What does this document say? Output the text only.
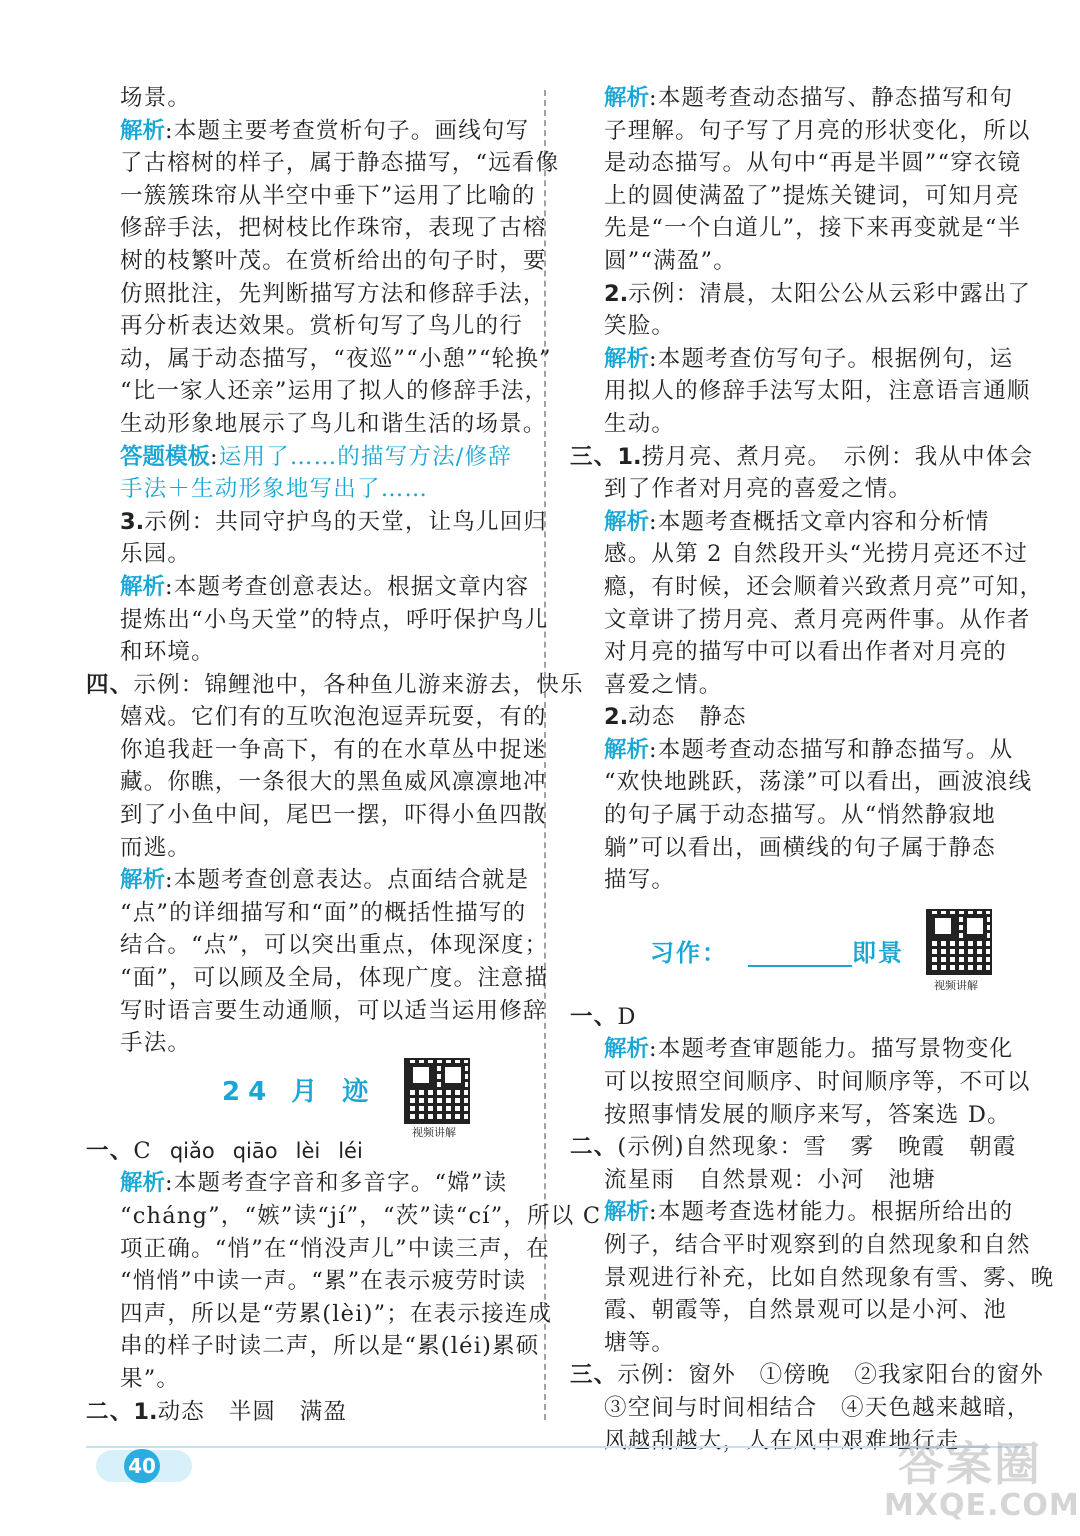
场景。
解析:本题主要考查赏析句子。画线句写
了古榕树的样子，属于静态描写，“远看像
一簇簇珠帘从半空中垂下”运用了比喻的
修辞手法，把树枝比作珠帘，表现了古榕
树的枝繁叶茂。在赏析给出的句子时，要
仿照批注，先判断描写方法和修辞手法，
再分析表达效果。赏析句写了鸟儿的行
动，属于动态描写，“夜巡”“小憩”“轮换”
“比一家人还亲”运用了拟人的修辞手法，
生动形象地展示了鸟儿和谐生活的场景。
答题模板:运用了……的描写方法/修辞
手法＋生动形象地写出了……
3.示例：共同守护鸟的天堂，让鸟儿回归
乐园。
解析:本题考查创意表达。根据文章内容
提炼出“小鸟天堂”的特点，呼吁保护鸟儿
和环境。
四、示例：锦鲤池中，各种鱼儿游来游去，快乐
嬉戏。它们有的互吹泡泡逗弄玩耍，有的
你追我赶一争高下，有的在水草丛中捉迷
藏。你瞧，一条很大的黑鱼威风凛凛地冲
到了小鱼中间，尾巴一摆，吓得小鱼四散
而逃。
解析:本题考查创意表达。点面结合就是
“点”的详细描写和“面”的概括性描写的
结合。“点”，可以突出重点，体现深度；
“面”，可以顾及全局，体现广度。注意描
写时语言要生动通顺，可以适当运用修辞
手法。
24 月 迹
视频讲解
一、C qiǎo qiāo lèi léi
解析:本题考查字音和多音字。“嫦”读
“cháng”，“嫉”读“jí”，“茨”读“cí”，所以 C
项正确。“悄”在“悄没声儿”中读三声，在
“悄悄”中读一声。“累”在表示疲劳时读
四声，所以是“劳累(lèi)”；在表示接连成
串的样子时读二声，所以是“累(léi)累硕
果”。
二、1.动态　半圆　满盈
解析:本题考查动态描写、静态描写和句
子理解。句子写了月亮的形状变化，所以
是动态描写。从句中“再是半圆”“穿衣镜
上的圆使满盈了”提炼关键词，可知月亮
先是“一个白道儿”，接下来再变就是“半
圆”“满盈”。
2.示例：清晨，太阳公公从云彩中露出了
笑脸。
解析:本题考查仿写句子。根据例句，运
用拟人的修辞手法写太阳，注意语言通顺
生动。
三、1.捞月亮、煮月亮。　示例：我从中体会
到了作者对月亮的喜爱之情。
解析:本题考查概括文章内容和分析情
感。从第 2 自然段开头“光捞月亮还不过
瘾，有时候，还会顺着兴致煮月亮”可知，
文章讲了捞月亮、煮月亮两件事。从作者
对月亮的描写中可以看出作者对月亮的
喜爱之情。
2.动态　静态
解析:本题考查动态描写和静态描写。从
“欢快地跳跃，荡漾”可以看出，画波浪线
的句子属于动态描写。从“悄然静寂地
躺”可以看出，画横线的句子属于静态
描写。
习作：	即景
视频讲解
一、D
解析:本题考查审题能力。描写景物变化
可以按照空间顺序、时间顺序等，不可以
按照事情发展的顺序来写，答案选 D。
二、(示例)自然现象：雪　雾　晚霞　朝霞
流星雨　自然景观：小河　池塘
解析:本题考查选材能力。根据所给出的
例子，结合平时观察到的自然现象和自然
景观进行补充，比如自然现象有雪、雾、晚
霞、朝霞等，自然景观可以是小河、池
塘等。
三、示例：窗外　①傍晚　②我家阳台的窗外
③空间与时间相结合　④天色越来越暗，
风越刮越大，人在风中艰难地行走
40	答案圈
MXQE.COM
